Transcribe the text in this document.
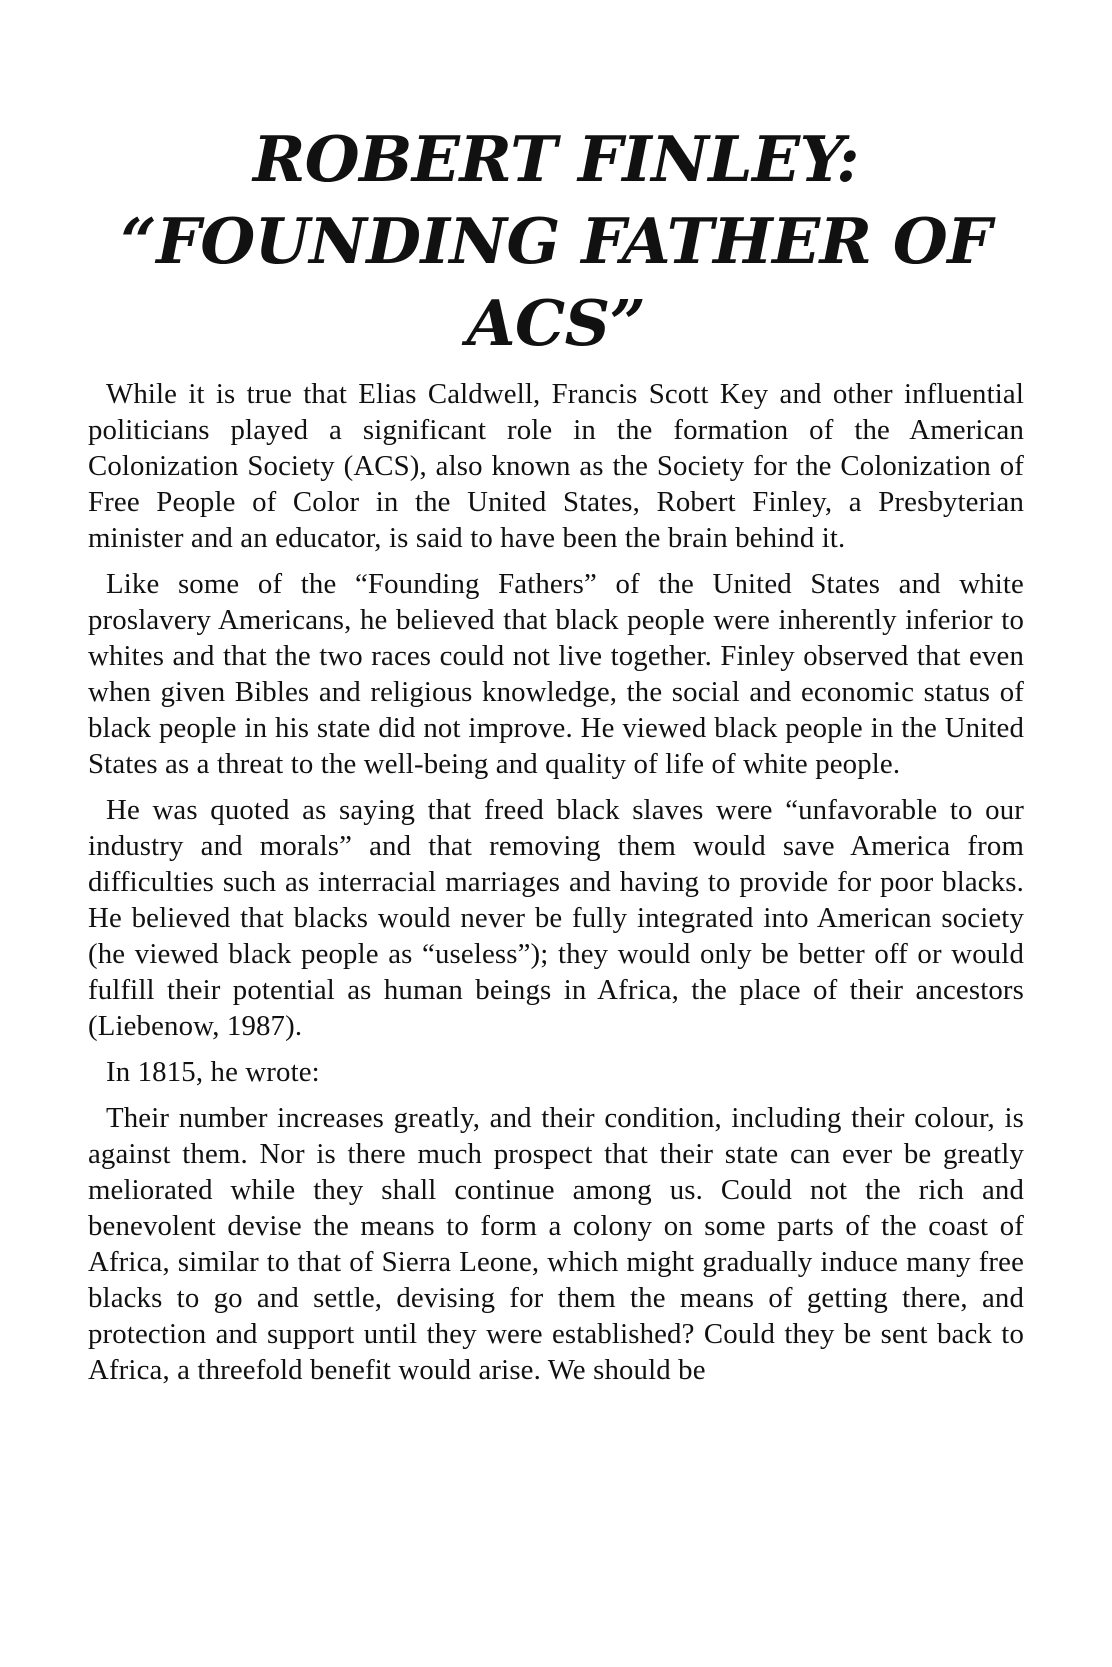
ROBERT FINLEY:
“FOUNDING FATHER OF
ACS”

While it is true that Elias Caldwell, Francis Scott Key and other influential politicians played a significant role in the formation of the American Colonization Society (ACS), also known as the Society for the Colonization of Free People of Color in the United States, Robert Finley, a Presbyterian minister and an educator, is said to have been the brain behind it.

Like some of the “Founding Fathers” of the United States and white proslavery Americans, he believed that black people were inherently inferior to whites and that the two races could not live together. Finley observed that even when given Bibles and religious knowledge, the social and economic status of black people in his state did not improve. He viewed black people in the United States as a threat to the well-being and quality of life of white people.

He was quoted as saying that freed black slaves were “unfavorable to our industry and morals” and that removing them would save America from difficulties such as interracial marriages and having to provide for poor blacks. He believed that blacks would never be fully integrated into American society (he viewed black people as “useless”); they would only be better off or would fulfill their potential as human beings in Africa, the place of their ancestors (Liebenow, 1987).

In 1815, he wrote:

Their number increases greatly, and their condition, including their colour, is against them. Nor is there much prospect that their state can ever be greatly meliorated while they shall continue among us. Could not the rich and benevolent devise the means to form a colony on some parts of the coast of Africa, similar to that of Sierra Leone, which might gradually induce many free blacks to go and settle, devising for them the means of getting there, and protection and support until they were established? Could they be sent back to Africa, a threefold benefit would arise. We should be
